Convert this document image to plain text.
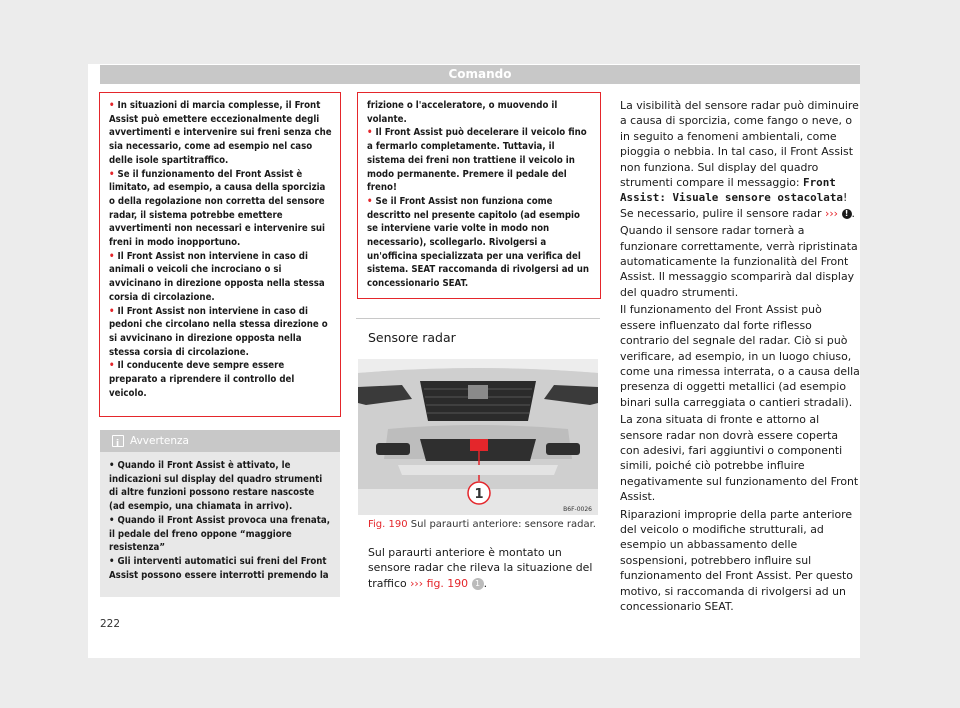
Comando
• In situazioni di marcia complesse, il Front Assist può emettere eccezionalmente degli avvertimenti e intervenire sui freni senza che sia necessario, come ad esempio nel caso delle isole spartitraffico.
• Se il funzionamento del Front Assist è limitato, ad esempio, a causa della sporcizia o della regolazione non corretta del sensore radar, il sistema potrebbe emettere avvertimenti non necessari e intervenire sui freni in modo inopportuno.
• Il Front Assist non interviene in caso di animali o veicoli che incrociano o si avvicinano in direzione opposta nella stessa corsia di circolazione.
• Il Front Assist non interviene in caso di pedoni che circolano nella stessa direzione o si avvicinano in direzione opposta nella stessa corsia di circolazione.
• Il conducente deve sempre essere preparato a riprendere il controllo del veicolo.
i
Avvertenza
• Quando il Front Assist è attivato, le indicazioni sul display del quadro strumenti di altre funzioni possono restare nascoste (ad esempio, una chiamata in arrivo).
• Quando il Front Assist provoca una frenata, il pedale del freno oppone “maggiore resistenza”
• Gli interventi automatici sui freni del Front Assist possono essere interrotti premendo la
frizione o l'acceleratore, o muovendo il volante.
• Il Front Assist può decelerare il veicolo fino a fermarlo completamente. Tuttavia, il sistema dei freni non trattiene il veicolo in modo permanente. Premere il pedale del freno!
• Se il Front Assist non funziona come descritto nel presente capitolo (ad esempio se interviene varie volte in modo non necessario), scollegarlo. Rivolgersi a un'officina specializzata per una verifica del sistema. SEAT raccomanda di rivolgersi ad un concessionario SEAT.
Sensore radar
1
B6F-0026
Fig. 190 Sul paraurti anteriore: sensore radar.
Sul paraurti anteriore è montato un sensore radar che rileva la situazione del traffico ››› fig. 190 1 .

La visibilità del sensore radar può diminuire a causa di sporcizia, come fango o neve, o in seguito a fenomeni ambientali, come pioggia o nebbia. In tal caso, il Front Assist non funziona. Sul display del quadro strumenti compare il messaggio: Front Assist: Visuale sensore ostacolata! Se necessario, pulire il sensore radar ››› ! .

Quando il sensore radar tornerà a funzionare correttamente, verrà ripristinata automaticamente la funzionalità del Front Assist. Il messaggio scomparirà dal display del quadro strumenti.

Il funzionamento del Front Assist può essere influenzato dal forte riflesso contrario del segnale del radar. Ciò si può verificare, ad esempio, in un luogo chiuso, come una rimessa interrata, o a causa della presenza di oggetti metallici (ad esempio binari sulla carreggiata o cantieri stradali).

La zona situata di fronte e attorno al sensore radar non dovrà essere coperta con adesivi, fari aggiuntivi o componenti simili, poiché ciò potrebbe influire negativamente sul funzionamento del Front Assist.

Riparazioni improprie della parte anteriore del veicolo o modifiche strutturali, ad esempio un abbassamento delle sospensioni, potrebbero influire sul funzionamento del Front Assist. Per questo motivo, si raccomanda di rivolgersi ad un concessionario SEAT.

222
